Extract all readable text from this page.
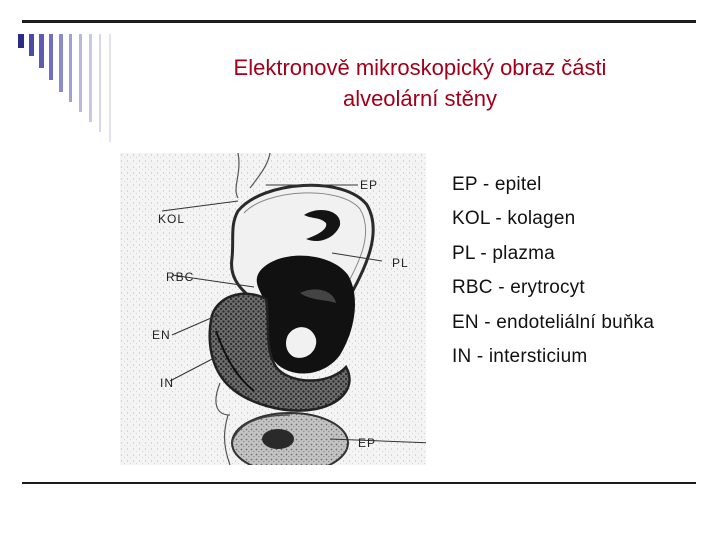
Elektronově mikroskopický obraz části
alveolární stěny
EP
KOL
PL
RBC
EN
IN
EP
EP - epitel
KOL - kolagen
PL - plazma
RBC - erytrocyt
EN - endoteliální buňka
IN - intersticium
